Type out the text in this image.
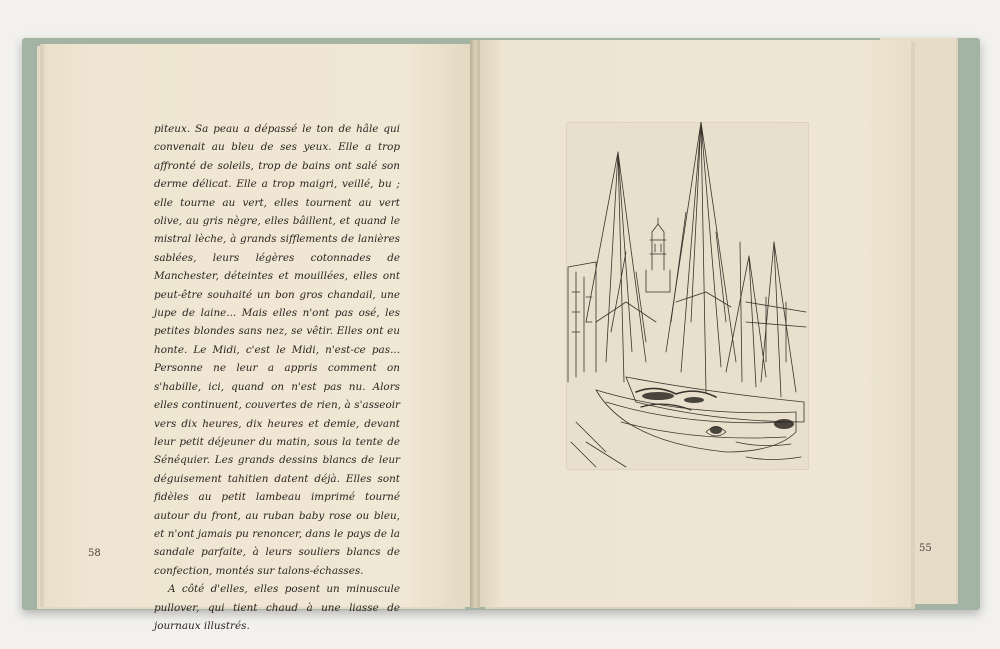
piteux. Sa peau a dépassé le ton de hâle qui convenait au bleu de ses yeux. Elle a trop affronté de soleils, trop de bains ont salé son derme délicat. Elle a trop maigri, veillé, bu ; elle tourne au vert, elles tournent au vert olive, au gris nègre, elles bâillent, et quand le mistral lèche, à grands sifflements de lanières sablées, leurs légères cotonnades de Manchester, déteintes et mouillées, elles ont peut-être souhaité un bon gros chandail, une jupe de laine... Mais elles n'ont pas osé, les petites blondes sans nez, se vêtir. Elles ont eu honte. Le Midi, c'est le Midi, n'est-ce pas... Personne ne leur a appris comment on s'habille, ici, quand on n'est pas nu. Alors elles continuent, couvertes de rien, à s'asseoir vers dix heures, dix heures et demie, devant leur petit déjeuner du matin, sous la tente de Sénéquier. Les grands dessins blancs de leur déguisement tahitien datent déjà. Elles sont fidèles au petit lambeau imprimé tourné autour du front, au ruban baby rose ou bleu, et n'ont jamais pu renoncer, dans le pays de la sandale parfaite, à leurs souliers blancs de confection, montés sur talons-échasses.

A côté d'elles, elles posent un minuscule pullover, qui tient chaud à une liasse de journaux illustrés.

58	55
